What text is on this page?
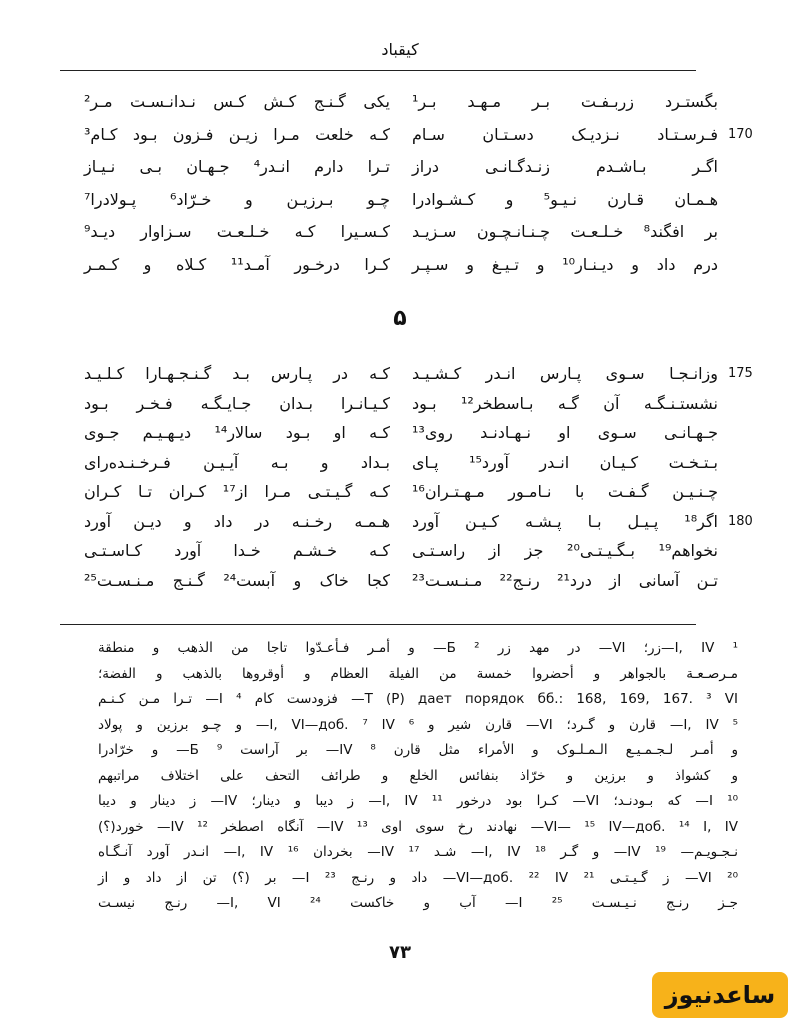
کیقباد
بگستـرد زربـفـت بـر مـهـد بـر¹
یکی گـنـج کـش کـس نـدانـسـت مـر²
فـرسـتـاد نـزدیـک دسـتـان سـام
کـه خلعت مـرا زیـن فـزون بـود کـام³	170
اگـر بـاشـدم زنـدگـانـی دراز
تـرا دارم انـدر⁴ جـهـان بـی نـیـاز
هـمـان قـارن نـیـو⁵ و کـشـوادرا
چـو بـرزیـن و خـرّاد⁶ پـولادرا⁷
بر افگند⁸ خـلـعـت چـنـانـچـون سـزیـد
کـسـیرا کـه خـلـعـت سـزاوار دیـد⁹
درم داد و دیـنـار¹⁰ و تـیـغ و سـپـر
کـرا درخـور آمـد¹¹ کـلاه و کـمـر
۵
وزانـجـا سـوی پـارس انـدر کـشـیـد
کـه در پـارس بـد گـنـجـهـارا کـلـیـد	175
نشستـنـگـه آن گـه بـاسطخر¹² بـود
کـیـانـرا بـدان جـایـگـه فـخـر بـود
جـهـانـی سـوی او نـهـادنـد روی¹³
کـه او بـود سالار¹⁴ دیـهـیـم جـوی
بـتـخـت کـیـان انـدر آورد¹⁵ پـای
بـداد و بـه آیـیـن فـرخـنـده‌رای
چـنـیـن گـفـت با نـامـور مـهـتـران¹⁶
کـه گـیـتـی مـرا از¹⁷ کـران تـا کـران
اگر¹⁸ پـیـل بـا پـشـه کـیـن آورد
هـمـه رخـنـه در داد و دیـن آورد	180
نخواهم¹⁹ بـگـیـتـی²⁰ جز از راسـتـی
کـه خـشـم خـدا آورد کـاسـتـی
تـن آسانی از درد²¹ رنـج²² مـنـسـت²³
کجا خاک و آبست²⁴ گـنـج مـنـسـت²⁵
¹ I, IV—زر؛ VI— در مهد زر ² Б— و أمـر فـأعـدّوا تاجا من الذهب و منطقة
مـرصـعـة بالجواهر و أحضروا خمسة من الفيلة العظام و أوقروها بالذهب و الفضة؛
T (P) дает порядок бб.: 168, 169, 167. ³ VI— فزودست کام ⁴ I— تـرا مـن کـنـم
⁵ I, IV— قارن و گـرد؛ VI— قارن شیر و ⁶ I, VI—доб. ⁷ IV— و چـو برزین و پولاد
و أمـر لـجـمـیـع الـمـلـوک و الأمراء مثل قارن ⁸ IV— بر آراست ⁹ Б— و خرّادرا
و کشواذ و برزین و خرّاذ بنفائس الخلع و طرائف التحف علی اختلاف مراتبهم
¹⁰ I— که بـودنـد؛ VI— کـرا بود درخور ¹¹ I, IV— ز دیبا و دینار؛ IV— ز دینار و دیبا
VI— ¹⁵ IV—доб. ¹⁴ I, IV— نهادند رخ سوی اوی ¹³ IV— آنگاه اصطخر ¹² IV— خورد(؟)
نـجـویـم— ¹⁹ IV— و گـر ¹⁸ I, IV— شـد ¹⁷ IV— بخردان ¹⁶ I, IV— انـدر آورد آنـگـاه
²⁰ VI— ز گـیـتـی ²¹ VI—доб. ²² IV— داد و رنـج ²³ I— بر (؟) تن از داد و از
جـز رنـج نـیـسـت ²⁵ I— آب و خاکست ²⁴ I, VI— رنـج نیسـت
۷۳
ساعدنیوز
